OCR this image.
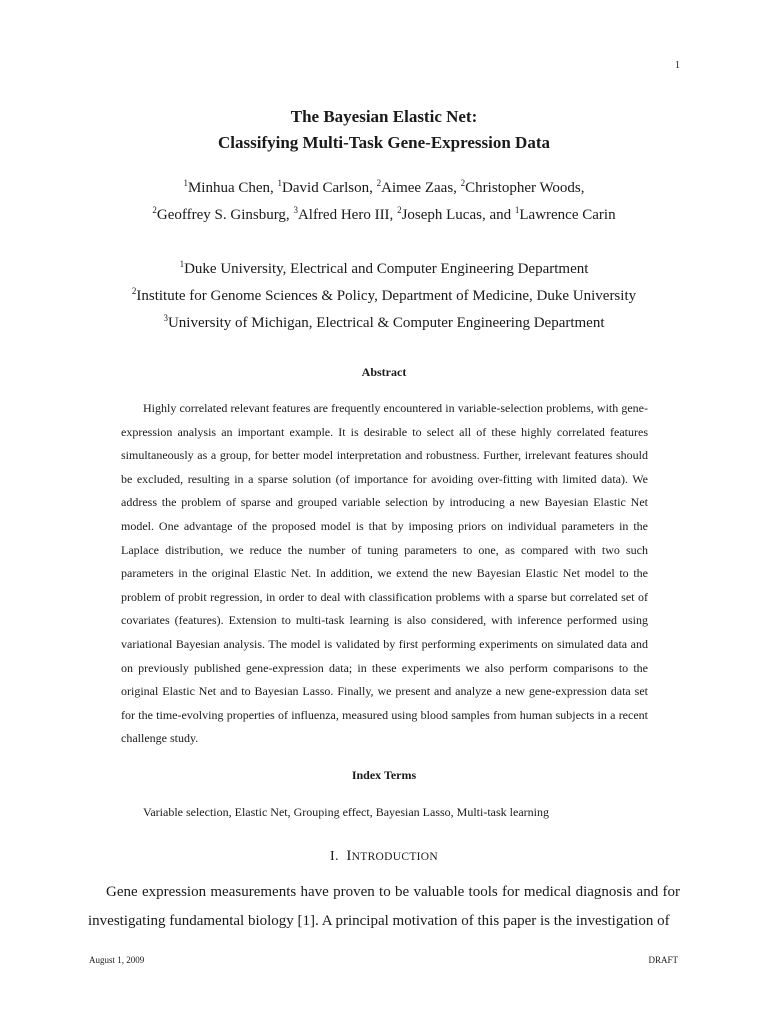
1
The Bayesian Elastic Net:
Classifying Multi-Task Gene-Expression Data
$^1$Minhua Chen, $^1$David Carlson, $^2$Aimee Zaas, $^2$Christopher Woods,
$^2$Geoffrey S. Ginsburg, $^3$Alfred Hero III, $^2$Joseph Lucas, and $^1$Lawrence Carin
$^1$Duke University, Electrical and Computer Engineering Department
$^2$Institute for Genome Sciences & Policy, Department of Medicine, Duke University
$^3$University of Michigan, Electrical & Computer Engineering Department
Abstract

Highly correlated relevant features are frequently encountered in variable-selection problems, with gene-expression analysis an important example. It is desirable to select all of these highly correlated features simultaneously as a group, for better model interpretation and robustness. Further, irrelevant features should be excluded, resulting in a sparse solution (of importance for avoiding over-fitting with limited data). We address the problem of sparse and grouped variable selection by introducing a new Bayesian Elastic Net model. One advantage of the proposed model is that by imposing priors on individual parameters in the Laplace distribution, we reduce the number of tuning parameters to one, as compared with two such parameters in the original Elastic Net. In addition, we extend the new Bayesian Elastic Net model to the problem of probit regression, in order to deal with classification problems with a sparse but correlated set of covariates (features). Extension to multi-task learning is also considered, with inference performed using variational Bayesian analysis. The model is validated by first performing experiments on simulated data and on previously published gene-expression data; in these experiments we also perform comparisons to the original Elastic Net and to Bayesian Lasso. Finally, we present and analyze a new gene-expression data set for the time-evolving properties of influenza, measured using blood samples from human subjects in a recent challenge study.

Index Terms
Variable selection, Elastic Net, Grouping effect, Bayesian Lasso, Multi-task learning
I. INTRODUCTION

Gene expression measurements have proven to be valuable tools for medical diagnosis and for investigating fundamental biology [1]. A principal motivation of this paper is the investigation of

August 1, 2009	DRAFT
